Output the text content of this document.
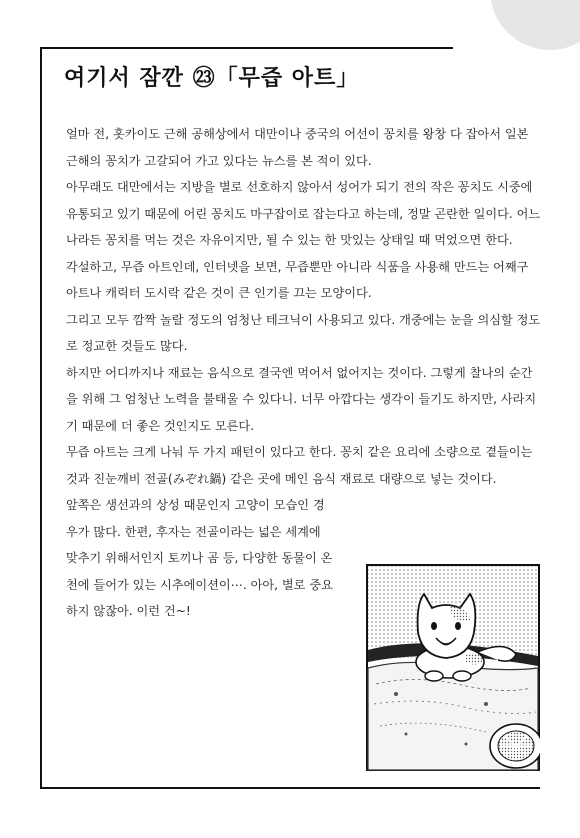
여기서 잠깐 ㉓「무즙 아트」

얼마 전, 홋카이도 근해 공해상에서 대만이나 중국의 어선이 꽁치를 왕창 다 잡아서 일본 근해의 꽁치가 고갈되어 가고 있다는 뉴스를 본 적이 있다.

아무래도 대만에서는 지방을 별로 선호하지 않아서 성어가 되기 전의 작은 꽁치도 시중에 유통되고 있기 때문에 어린 꽁치도 마구잡이로 잡는다고 하는데, 정말 곤란한 일이다. 어느 나라든 꽁치를 먹는 것은 자유이지만, 될 수 있는 한 맛있는 상태일 때 먹었으면 한다.

각설하고, 무즙 아트인데, 인터넷을 보면, 무즙뿐만 아니라 식품을 사용해 만드는 어째구 아트나 캐릭터 도시락 같은 것이 큰 인기를 끄는 모양이다.

그리고 모두 깜짝 놀랄 정도의 엄청난 테크닉이 사용되고 있다. 개중에는 눈을 의심할 정도로 정교한 것들도 많다.

하지만 어디까지나 재료는 음식으로 결국엔 먹어서 없어지는 것이다. 그렇게 찰나의 순간을 위해 그 엄청난 노력을 불태울 수 있다니. 너무 아깝다는 생각이 들기도 하지만, 사라지기 때문에 더 좋은 것인지도 모른다.

무즙 아트는 크게 나눠 두 가지 패턴이 있다고 한다. 꽁치 같은 요리에 소량으로 곁들이는 것과 진눈깨비 전골(みぞれ鍋) 같은 곳에 메인 음식 재료로 대량으로 넣는 것이다.

앞쪽은 생선과의 상성 때문인지 고양이 모습인 경우가 많다. 한편, 후자는 전골이라는 넓은 세계에 맞추기 위해서인지 토끼나 곰 등, 다양한 동물이 온천에 들어가 있는 시추에이션이⋯. 아아, 별로 중요하지 않잖아. 이런 건~!
